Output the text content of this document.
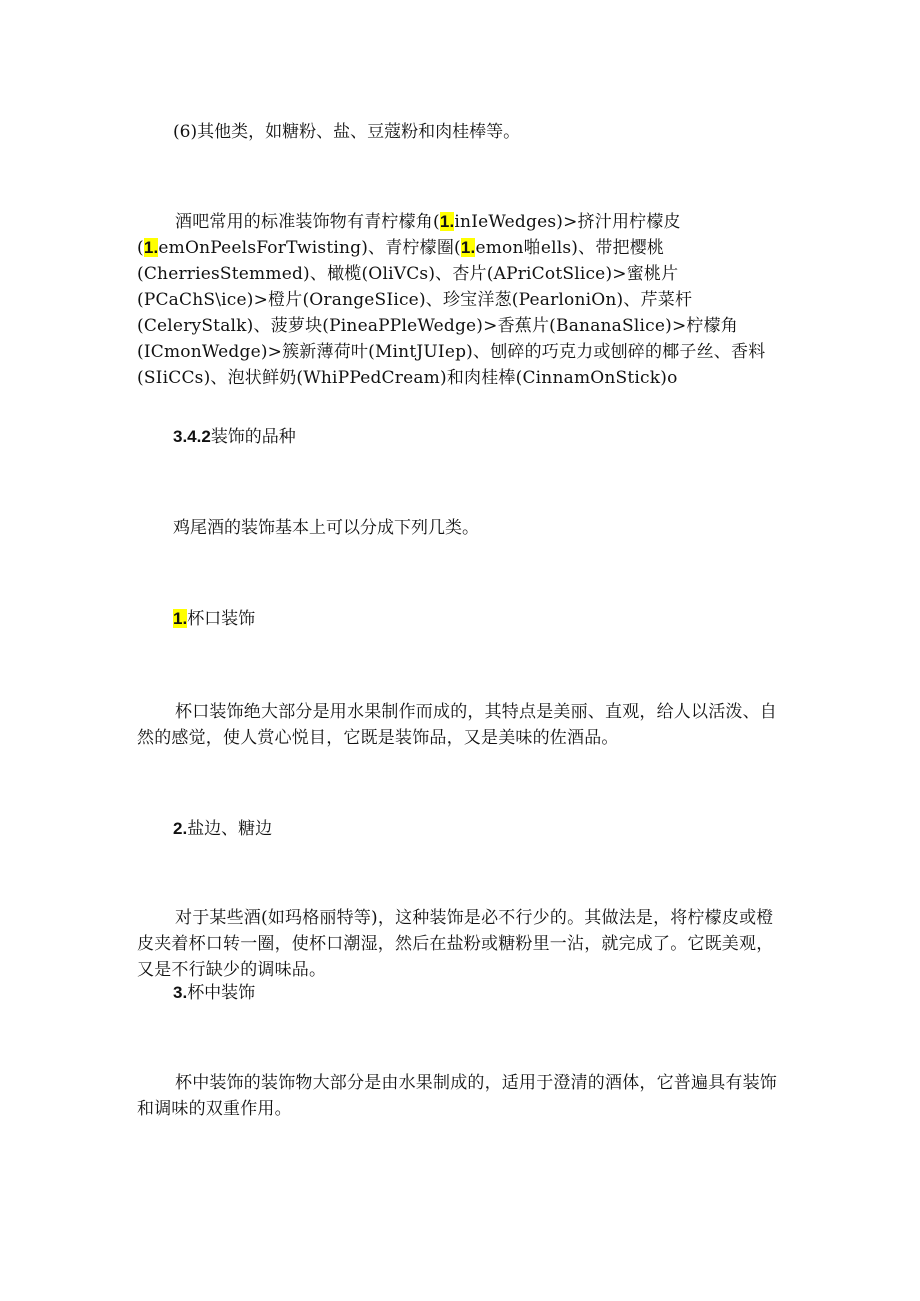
(6)其他类，如糖粉、盐、豆蔻粉和肉桂棒等。

酒吧常用的标准装饰物有青柠檬角(1.inIeWedges)>挤汁用柠檬皮(1.emOnPeelsForTwisting)、青柠檬圈(1.emon啪ells)、带把樱桃(CherriesStemmed)、橄榄(OliVCs)、杏片(APriCotSlice)>蜜桃片(PCaChS\ice)>橙片(OrangeSIice)、珍宝洋葱(PearloniOn)、芹菜杆(CeleryStalk)、菠萝块(PineaPPleWedge)>香蕉片(BananaSlice)>柠檬角(ICmonWedge)>簇新薄荷叶(MintJUIep)、刨碎的巧克力或刨碎的椰子丝、香料(SIiCCs)、泡状鲜奶(WhiPPedCream)和肉桂棒(CinnamOnStick)o

3.4.2装饰的品种

鸡尾酒的装饰基本上可以分成下列几类。

1.杯口装饰

杯口装饰绝大部分是用水果制作而成的，其特点是美丽、直观，给人以活泼、自然的感觉，使人赏心悦目，它既是装饰品，又是美味的佐酒品。

2.盐边、糖边

对于某些酒(如玛格丽特等)，这种装饰是必不行少的。其做法是，将柠檬皮或橙皮夹着杯口转一圈，使杯口潮湿，然后在盐粉或糖粉里一沾，就完成了。它既美观，又是不行缺少的调味品。

3.杯中装饰

杯中装饰的装饰物大部分是由水果制成的，适用于澄清的酒体，它普遍具有装饰和调味的双重作用。
